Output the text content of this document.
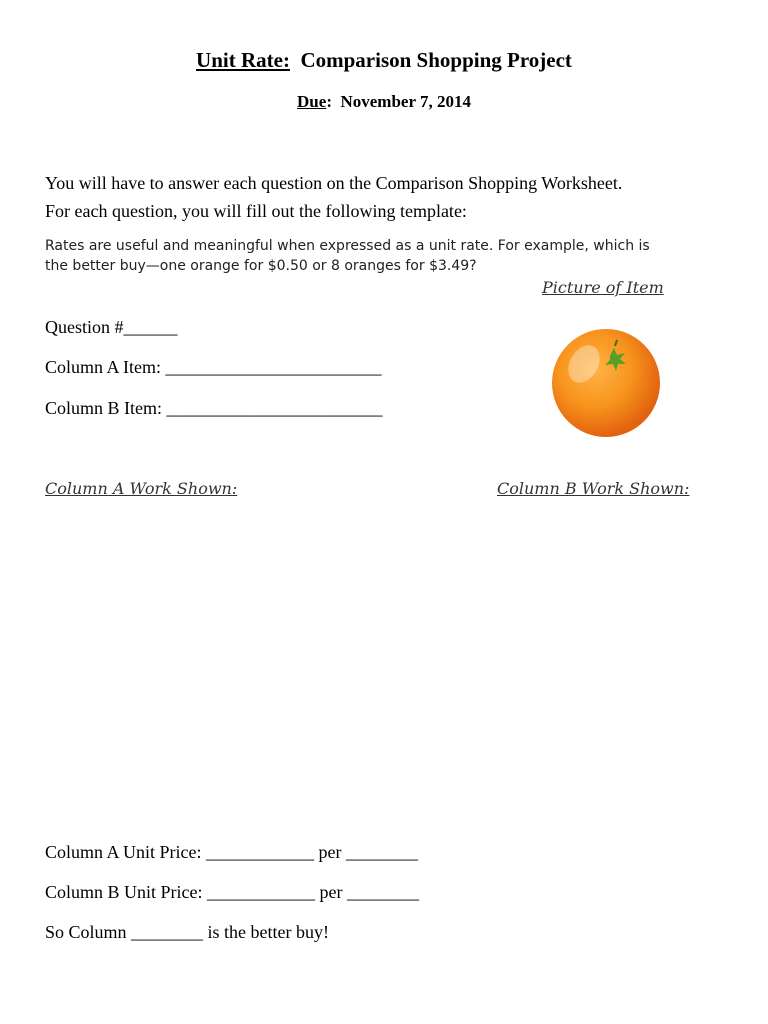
Unit Rate: Comparison Shopping Project
Due:  November 7, 2014

You will have to answer each question on the Comparison Shopping Worksheet.

For each question, you will fill out the following template:

Rates are useful and meaningful when expressed as a unit rate. For example, which is

the better buy—one orange for $0.50 or 8 oranges for $3.49?

Picture of Item

Question #______

Column A Item: ________________________

Column B Item: ________________________

Column A Work Shown:	Column B Work Shown:

Column A Unit Price: ____________ per ________

Column B Unit Price: ____________ per ________

So Column ________ is the better buy!
